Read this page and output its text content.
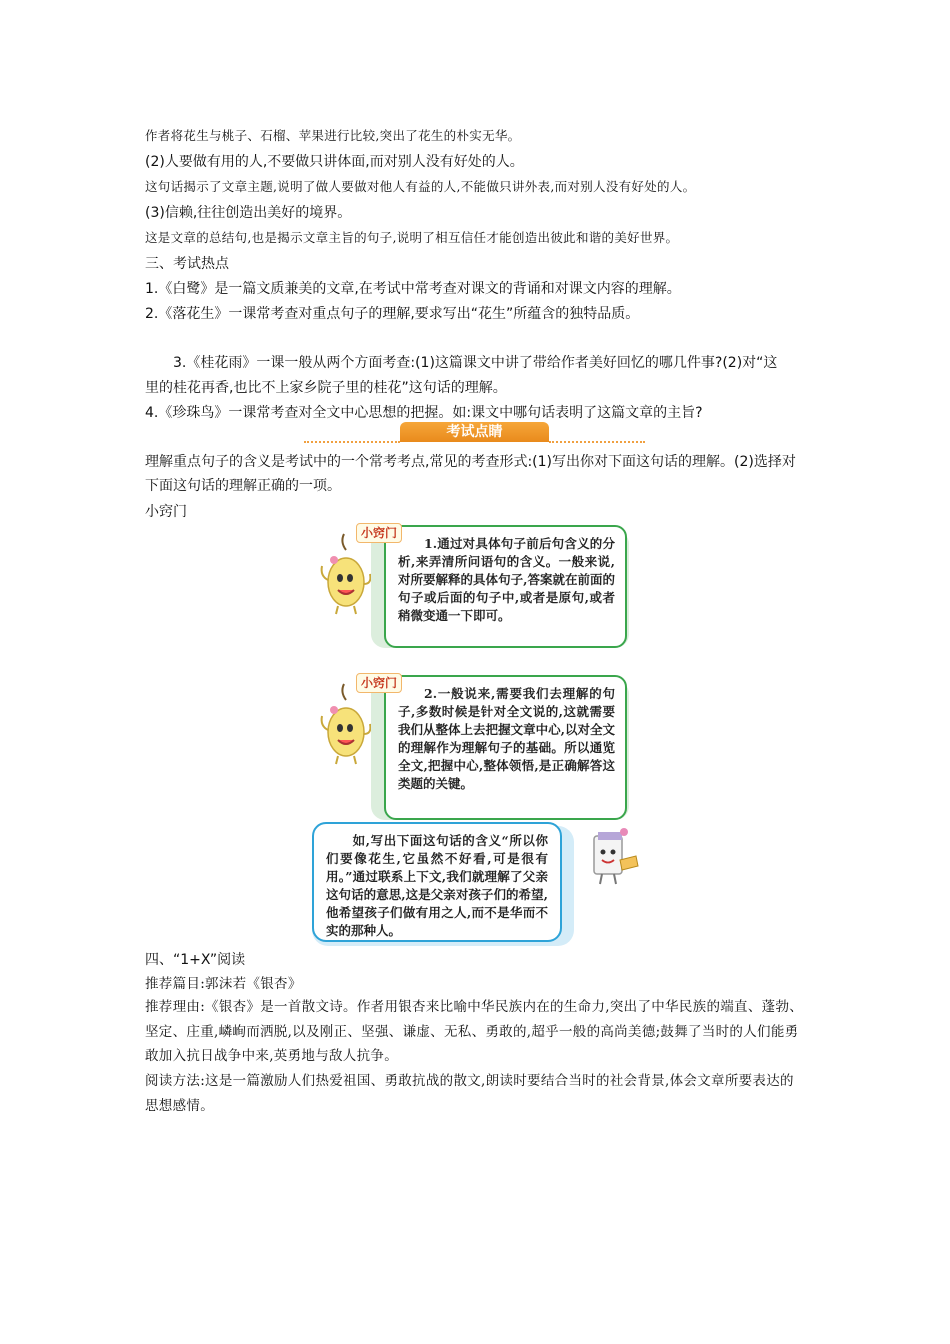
作者将花生与桃子、石榴、苹果进行比较,突出了花生的朴实无华。
(2)人要做有用的人,不要做只讲体面,而对别人没有好处的人。
这句话揭示了文章主题,说明了做人要做对他人有益的人,不能做只讲外表,而对别人没有好处的人。
(3)信赖,往往创造出美好的境界。
这是文章的总结句,也是揭示文章主旨的句子,说明了相互信任才能创造出彼此和谐的美好世界。
三、考试热点
1.《白鹭》是一篇文质兼美的文章,在考试中常考查对课文的背诵和对课文内容的理解。
2.《落花生》一课常考查对重点句子的理解,要求写出“花生”所蕴含的独特品质。
3.《桂花雨》一课一般从两个方面考查:(1)这篇课文中讲了带给作者美好回忆的哪几件事?(2)对“这
里的桂花再香,也比不上家乡院子里的桂花”这句话的理解。
4.《珍珠鸟》一课常考查对全文中心思想的把握。如:课文中哪句话表明了这篇文章的主旨?
考试点睛
理解重点句子的含义是考试中的一个常考考点,常见的考查形式:(1)写出你对下面这句话的理解。(2)选择对下面这句话的理解正确的一项。
小窍门
1.通过对具体句子前后句含义的分析,来弄清所问语句的含义。一般来说,对所要解释的具体句子,答案就在前面的句子或后面的句子中,或者是原句,或者稍微变通一下即可。
小窍门
2.一般说来,需要我们去理解的句子,多数时候是针对全文说的,这就需要我们从整体上去把握文章中心,以对全文的理解作为理解句子的基础。所以通览全文,把握中心,整体领悟,是正确解答这类题的关键。
小窍门
如,写出下面这句话的含义“所以你们要像花生,它虽然不好看,可是很有用。”通过联系上下文,我们就理解了父亲这句话的意思,这是父亲对孩子们的希望,他希望孩子们做有用之人,而不是华而不实的那种人。
四、“1+X”阅读
推荐篇目:郭沫若《银杏》
推荐理由:《银杏》是一首散文诗。作者用银杏来比喻中华民族内在的生命力,突出了中华民族的端直、蓬勃、坚定、庄重,嶙峋而洒脱,以及刚正、坚强、谦虚、无私、勇敢的,超乎一般的高尚美德;鼓舞了当时的人们能勇敢加入抗日战争中来,英勇地与敌人抗争。
阅读方法:这是一篇激励人们热爱祖国、勇敢抗战的散文,朗读时要结合当时的社会背景,体会文章所要表达的思想感情。
